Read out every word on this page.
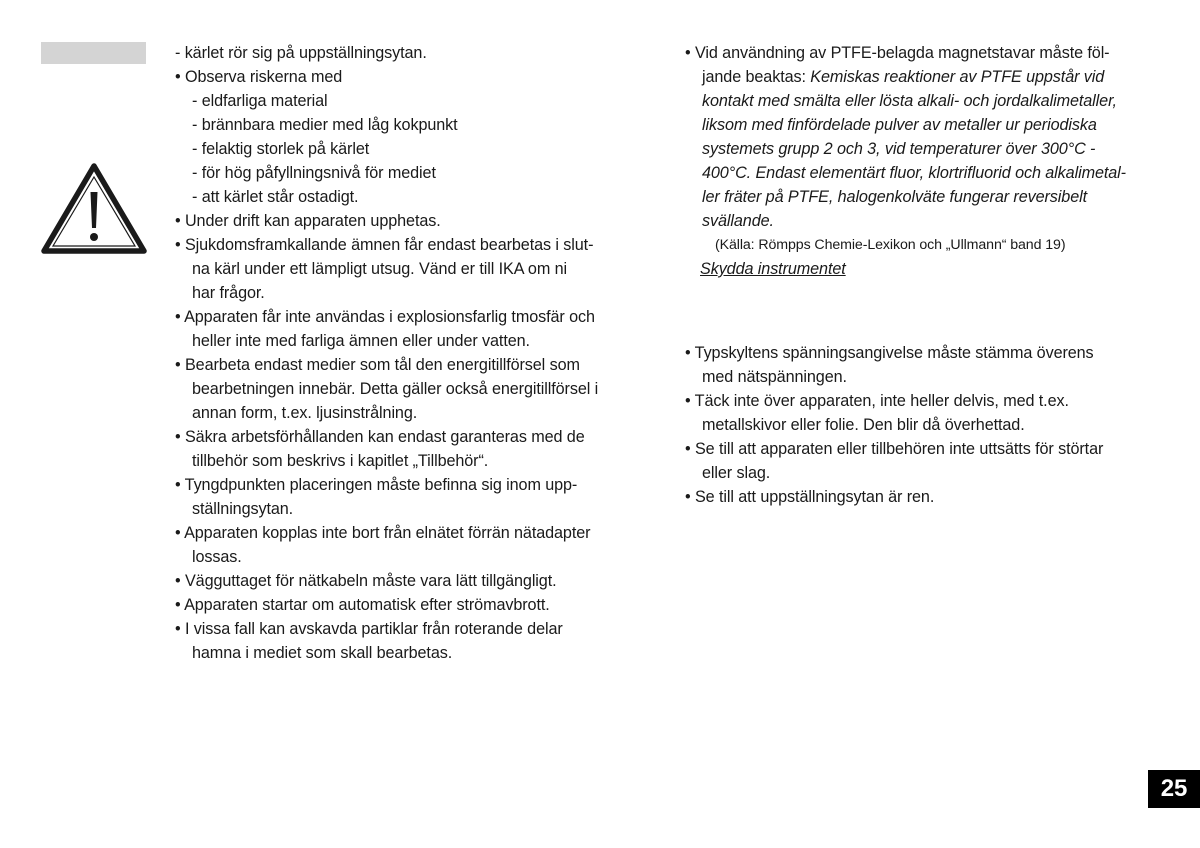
- kärlet rör sig på uppställningsytan.
• Observa riskerna med
- eldfarliga material
- brännbara medier med låg kokpunkt
- felaktig storlek på kärlet
- för hög påfyllningsnivå för mediet
- att kärlet står ostadigt.
• Under drift kan apparaten upphetas.
• Sjukdomsframkallande ämnen får endast bearbetas i slut-
na kärl under ett lämpligt utsug. Vänd er till IKA om ni
har frågor.
• Apparaten får inte användas i explosionsfarlig tmosfär och
heller inte med farliga ämnen eller under vatten.
• Bearbeta endast medier som tål den energitillförsel som
bearbetningen innebär. Detta gäller också energitillförsel i
annan form, t.ex. ljusinstrålning.
• Säkra arbetsförhållanden kan endast garanteras med de
tillbehör som beskrivs i kapitlet „Tillbehör“.
• Tyngdpunkten placeringen måste befinna sig inom upp-
ställningsytan.
• Apparaten kopplas inte bort från elnätet förrän nätadapter
lossas.
• Vägguttaget för nätkabeln måste vara lätt tillgängligt.
• Apparaten startar om automatisk efter strömavbrott.
• I vissa fall kan avskavda partiklar från roterande delar
hamna i mediet som skall bearbetas.
• Vid användning av PTFE-belagda magnetstavar måste föl-
jande beaktas: Kemiskas reaktioner av PTFE uppstår vid
kontakt med smälta eller lösta alkali- och jordalkalimetaller,
liksom med finfördelade pulver av metaller ur periodiska
systemets grupp 2 och 3, vid temperaturer över 300°C -
400°C. Endast elementärt fluor, klortrifluorid och alkalimetal-
ler fräter på PTFE, halogenkolväte fungerar reversibelt
svällande.
(Källa: Römpps Chemie-Lexikon och „Ullmann“ band 19)
Skydda instrumentet
• Typskyltens spänningsangivelse måste stämma överens
med nätspänningen.
• Täck inte över apparaten, inte heller delvis, med t.ex.
metallskivor eller folie. Den blir då överhettad.
• Se till att apparaten eller tillbehören inte uttsätts för störtar
eller slag.
• Se till att uppställningsytan är ren.
25
